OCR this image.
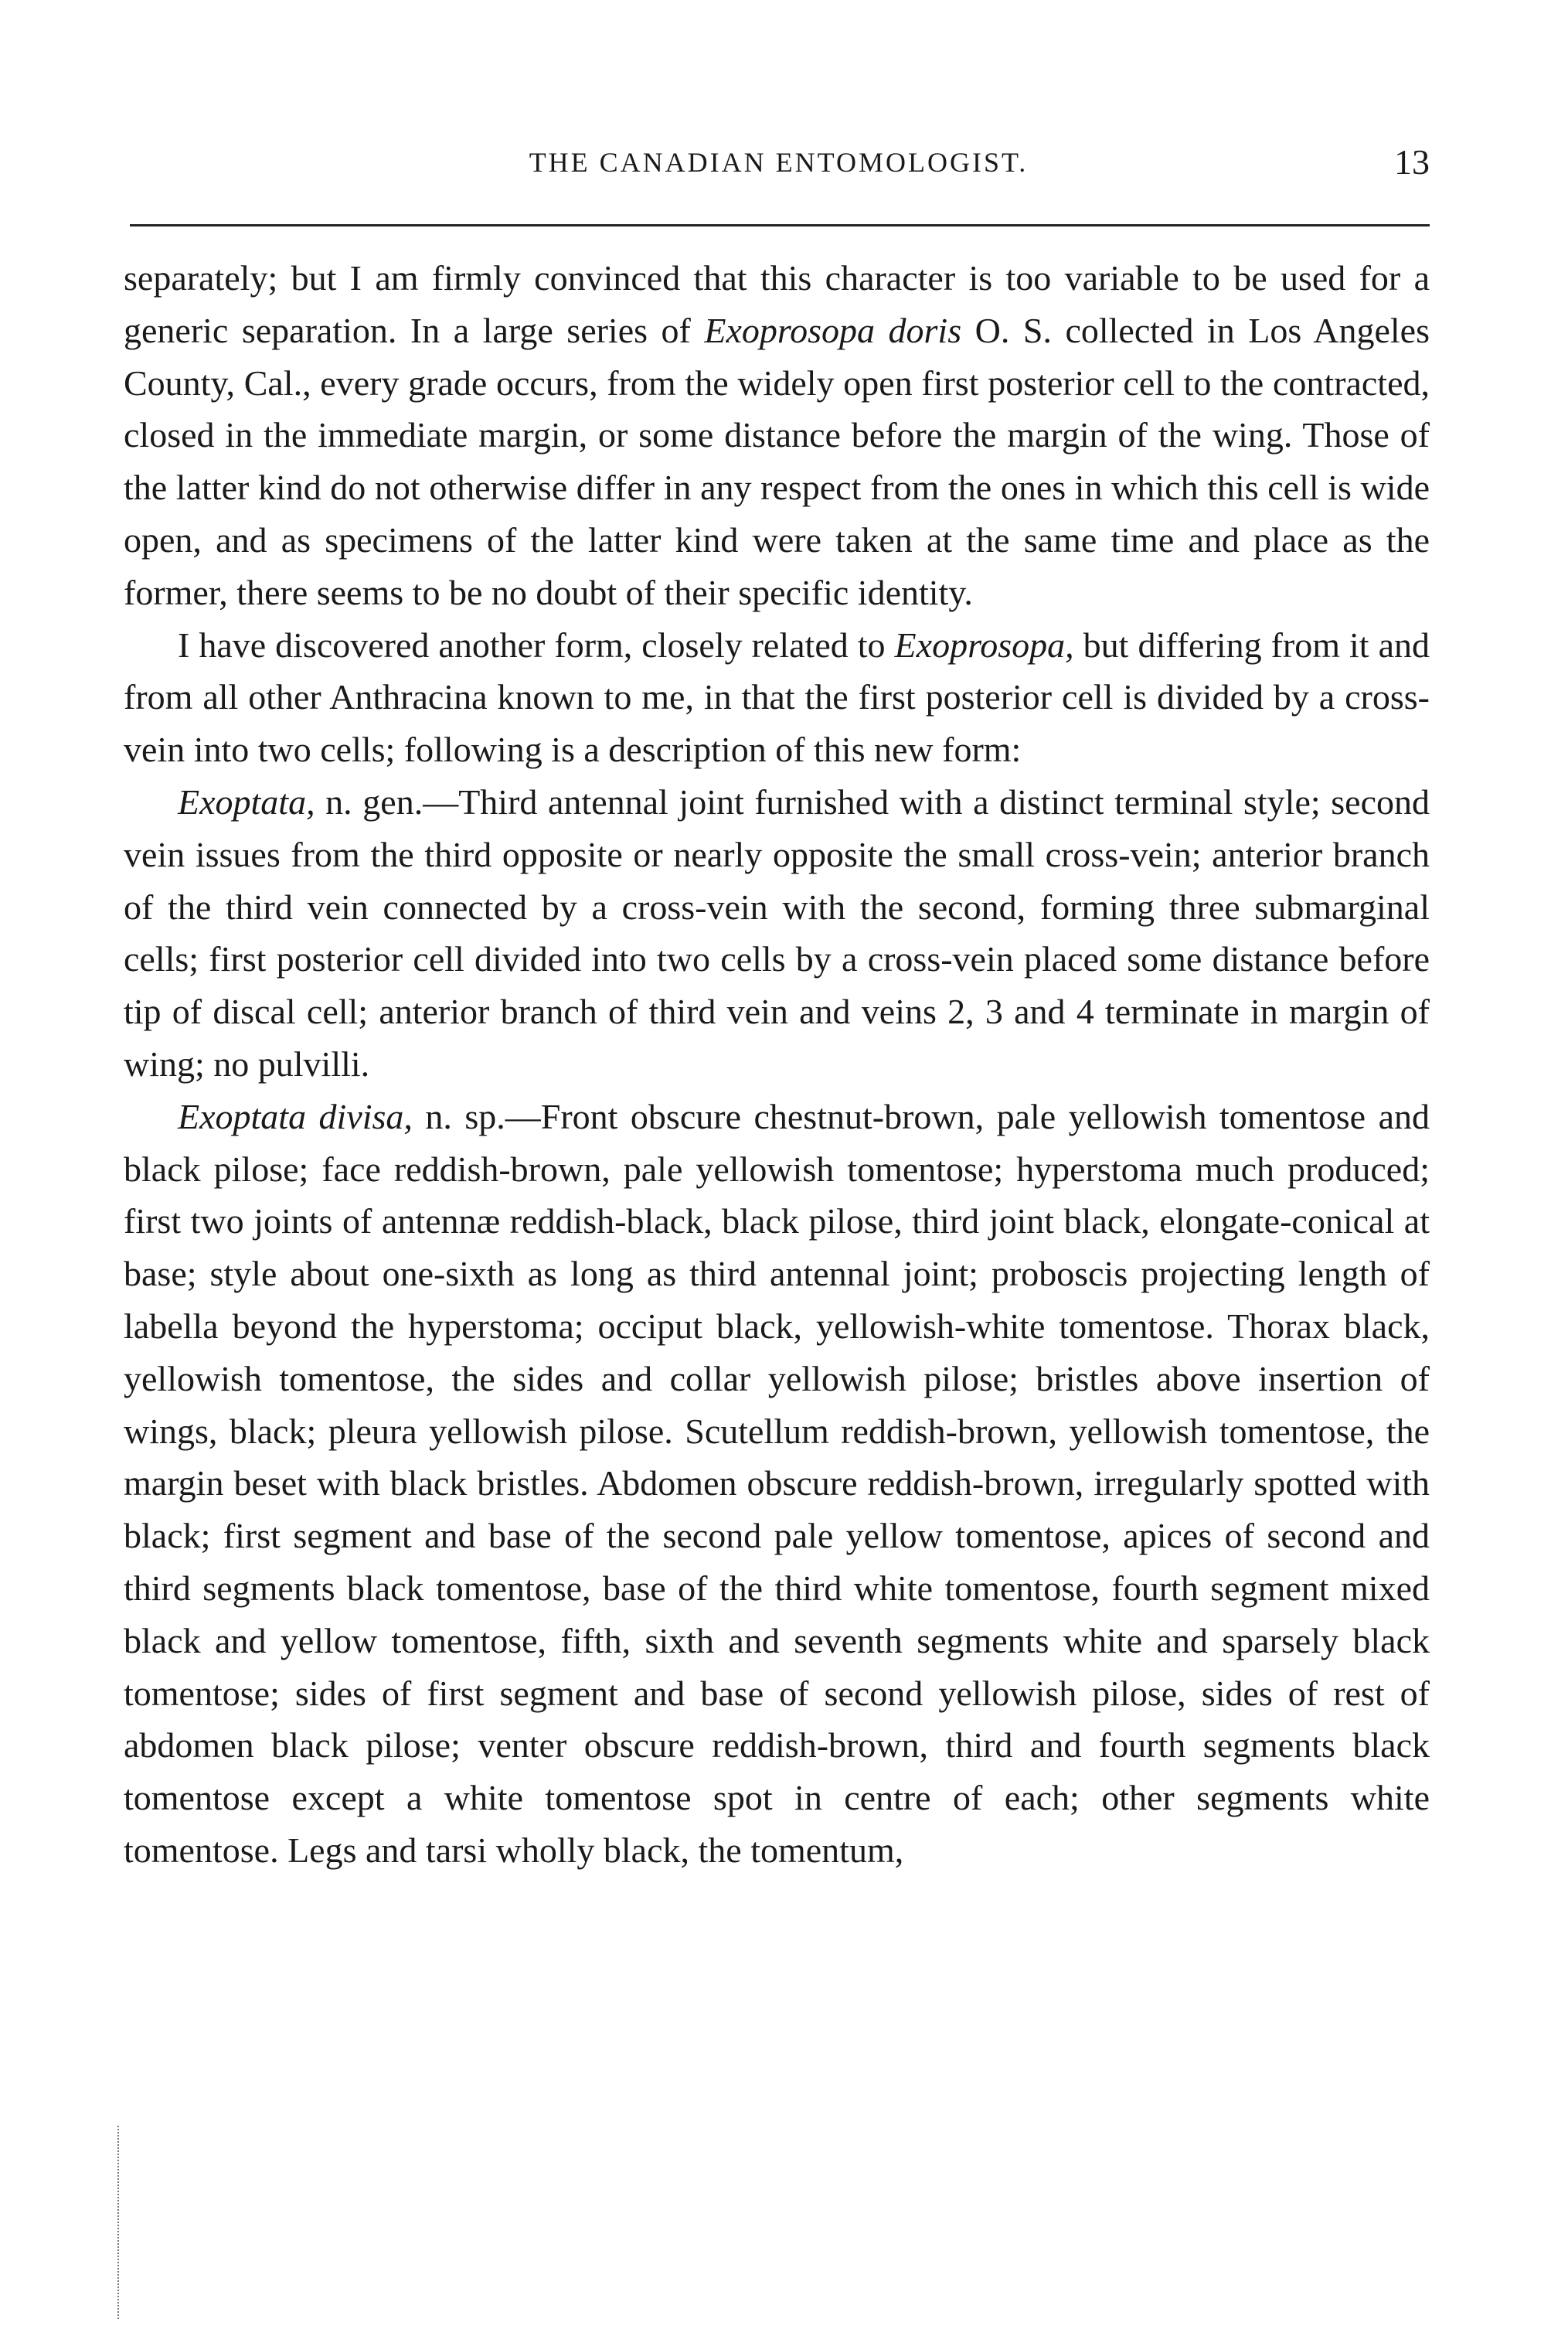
THE CANADIAN ENTOMOLOGIST.	13

separately; but I am firmly convinced that this character is too variable to be used for a generic separation. In a large series of Exoprosopa doris O. S. collected in Los Angeles County, Cal., every grade occurs, from the widely open first posterior cell to the contracted, closed in the immediate margin, or some distance before the margin of the wing. Those of the latter kind do not otherwise differ in any respect from the ones in which this cell is wide open, and as specimens of the latter kind were taken at the same time and place as the former, there seems to be no doubt of their specific identity.

I have discovered another form, closely related to Exoprosopa, but differing from it and from all other Anthracina known to me, in that the first posterior cell is divided by a cross-vein into two cells; following is a description of this new form:

Exoptata, n. gen.—Third antennal joint furnished with a distinct terminal style; second vein issues from the third opposite or nearly opposite the small cross-vein; anterior branch of the third vein connected by a cross-vein with the second, forming three submarginal cells; first posterior cell divided into two cells by a cross-vein placed some distance before tip of discal cell; anterior branch of third vein and veins 2, 3 and 4 terminate in margin of wing; no pulvilli.

Exoptata divisa, n. sp.—Front obscure chestnut-brown, pale yellowish tomentose and black pilose; face reddish-brown, pale yellowish tomentose; hyperstoma much produced; first two joints of antennæ reddish-black, black pilose, third joint black, elongate-conical at base; style about one-sixth as long as third antennal joint; proboscis projecting length of labella beyond the hyperstoma; occiput black, yellowish-white tomentose. Thorax black, yellowish tomentose, the sides and collar yellowish pilose; bristles above insertion of wings, black; pleura yellowish pilose. Scutellum reddish-brown, yellowish tomentose, the margin beset with black bristles. Abdomen obscure reddish-brown, irregularly spotted with black; first segment and base of the second pale yellow tomentose, apices of second and third segments black tomentose, base of the third white tomentose, fourth segment mixed black and yellow tomentose, fifth, sixth and seventh segments white and sparsely black tomentose; sides of first segment and base of second yellowish pilose, sides of rest of abdomen black pilose; venter obscure reddish-brown, third and fourth segments black tomentose except a white tomentose spot in centre of each; other segments white tomentose. Legs and tarsi wholly black, the tomentum,
